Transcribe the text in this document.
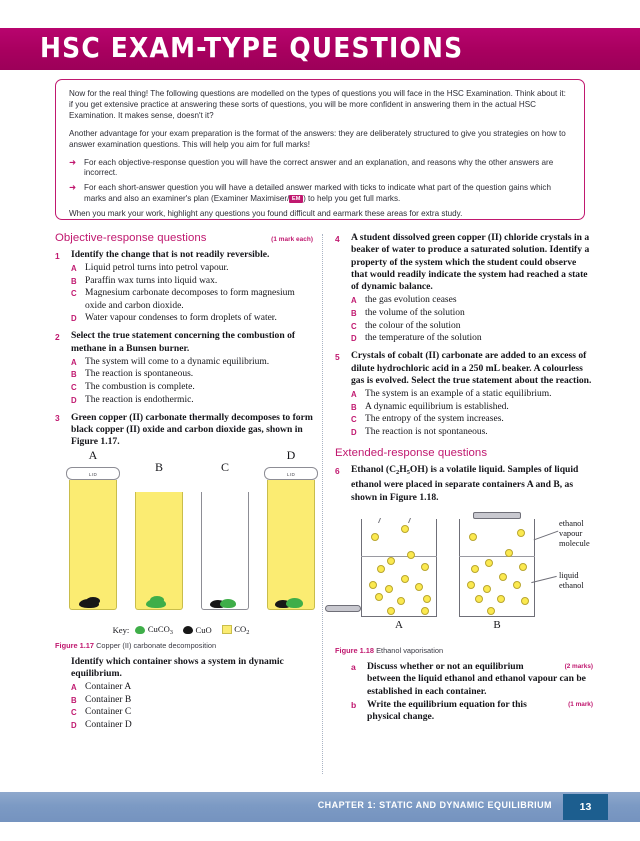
HSC EXAM-TYPE QUESTIONS

Now for the real thing! The following questions are modelled on the types of questions you will face in the HSC Examination. Think about it: if you get extensive practice at answering these sorts of questions, you will be more confident in answering them in the actual HSC Examination. It makes sense, doesn't it?

Another advantage for your exam preparation is the format of the answers: they are deliberately structured to give you strategies on how to answer examination questions. This will help you aim for full marks!

➜ For each objective-response question you will have the correct answer and an explanation, and reasons why the other answers are incorrect.
➜ For each short-answer question you will have a detailed answer marked with ticks to indicate what part of the question gains which marks and also an examiner's plan (Examiner Maximiser/ EM ) to help you get full marks.

When you mark your work, highlight any questions you found difficult and earmark these areas for extra study.

Objective-response questions	(1 mark each)
1	Identify the change that is not readily reversible.

A Liquid petrol turns into petrol vapour.
B Paraffin wax turns into liquid wax.
C Magnesium carbonate decomposes to form magnesium oxide and carbon dioxide.
D Water vapour condenses to form droplets of water.
2	Select the true statement concerning the combustion of methane in a Bunsen burner.

A The system will come to a dynamic equilibrium.
B The reaction is spontaneous.
C The combustion is complete.
D The reaction is endothermic.
3	Green copper (II) carbonate thermally decomposes to form black copper (II) oxide and carbon dioxide gas, shown in Figure 1.17.

A
LID
B	C
D
LID
Key: CuCO$_3$	CuO	$CO_2$
Figure 1.17 Copper (II) carbonate decomposition

Identify which container shows a system in dynamic equilibrium.

A Container A
B Container B
C Container C
D Container D
4	A student dissolved green copper (II) chloride crystals in a beaker of water to produce a saturated solution. Identify a property of the system which the student could observe that would readily indicate the system had reached a state of dynamic balance.

A the gas evolution ceases
B the volume of the solution
C the colour of the solution
D the temperature of the solution
5	Crystals of cobalt (II) carbonate are added to an excess of dilute hydrochloric acid in a 250 mL beaker. A colourless gas is evolved. Select the true statement about the reaction.

A The system is an example of a static equilibrium.
B A dynamic equilibrium is established.
C The entropy of the system increases.
D The reaction is not spontaneous.
Extended-response questions
6	Ethanol $(C_2H_5OH)$ is a volatile liquid. Samples of liquid ethanol were placed in separate containers A and B, as shown in Figure 1.18.

A	B
ethanol vapour molecule
liquid ethanol
Figure 1.18 Ethanol vaporisation
a	(2 marks)
Discuss whether or not an equilibrium between the liquid ethanol and ethanol vapour can be established in each container.
b	(1 mark)
Write the equilibrium equation for this physical change.
CHAPTER 1: STATIC AND DYNAMIC EQUILIBRIUM	13
